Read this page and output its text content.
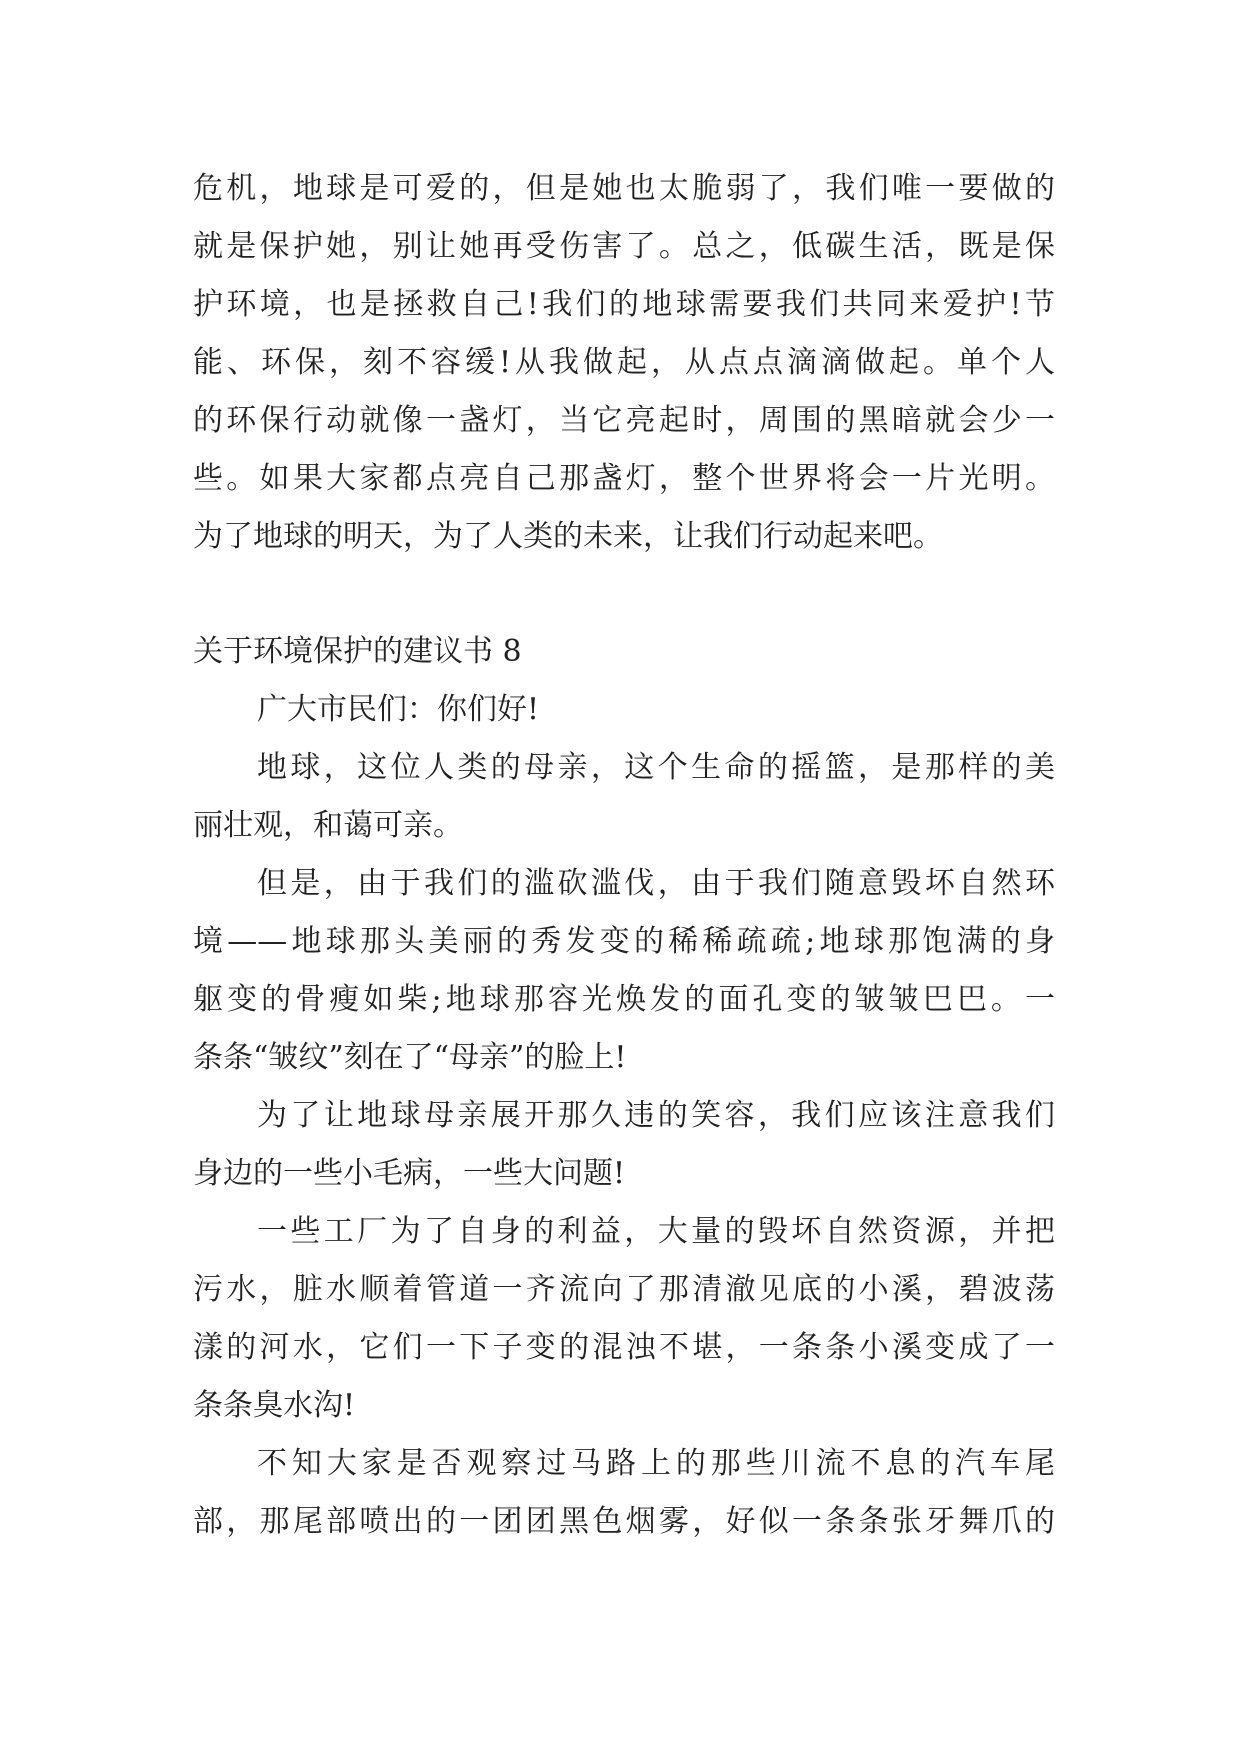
危机，地球是可爱的，但是她也太脆弱了，我们唯一要做的
就是保护她，别让她再受伤害了。总之，低碳生活，既是保
护环境，也是拯救自己!我们的地球需要我们共同来爱护!节
能、环保，刻不容缓!从我做起，从点点滴滴做起。单个人
的环保行动就像一盏灯，当它亮起时，周围的黑暗就会少一
些。如果大家都点亮自己那盏灯，整个世界将会一片光明。
为了地球的明天，为了人类的未来，让我们行动起来吧。
关于环境保护的建议书 8
广大市民们：你们好!
地球，这位人类的母亲，这个生命的摇篮，是那样的美
丽壮观，和蔼可亲。
但是，由于我们的滥砍滥伐，由于我们随意毁坏自然环
境——地球那头美丽的秀发变的稀稀疏疏;地球那饱满的身
躯变的骨瘦如柴;地球那容光焕发的面孔变的皱皱巴巴。一
条条“皱纹”刻在了“母亲”的脸上!
为了让地球母亲展开那久违的笑容，我们应该注意我们
身边的一些小毛病，一些大问题!
一些工厂为了自身的利益，大量的毁坏自然资源，并把
污水，脏水顺着管道一齐流向了那清澈见底的小溪，碧波荡
漾的河水，它们一下子变的混浊不堪，一条条小溪变成了一
条条臭水沟!
不知大家是否观察过马路上的那些川流不息的汽车尾
部，那尾部喷出的一团团黑色烟雾，好似一条条张牙舞爪的
